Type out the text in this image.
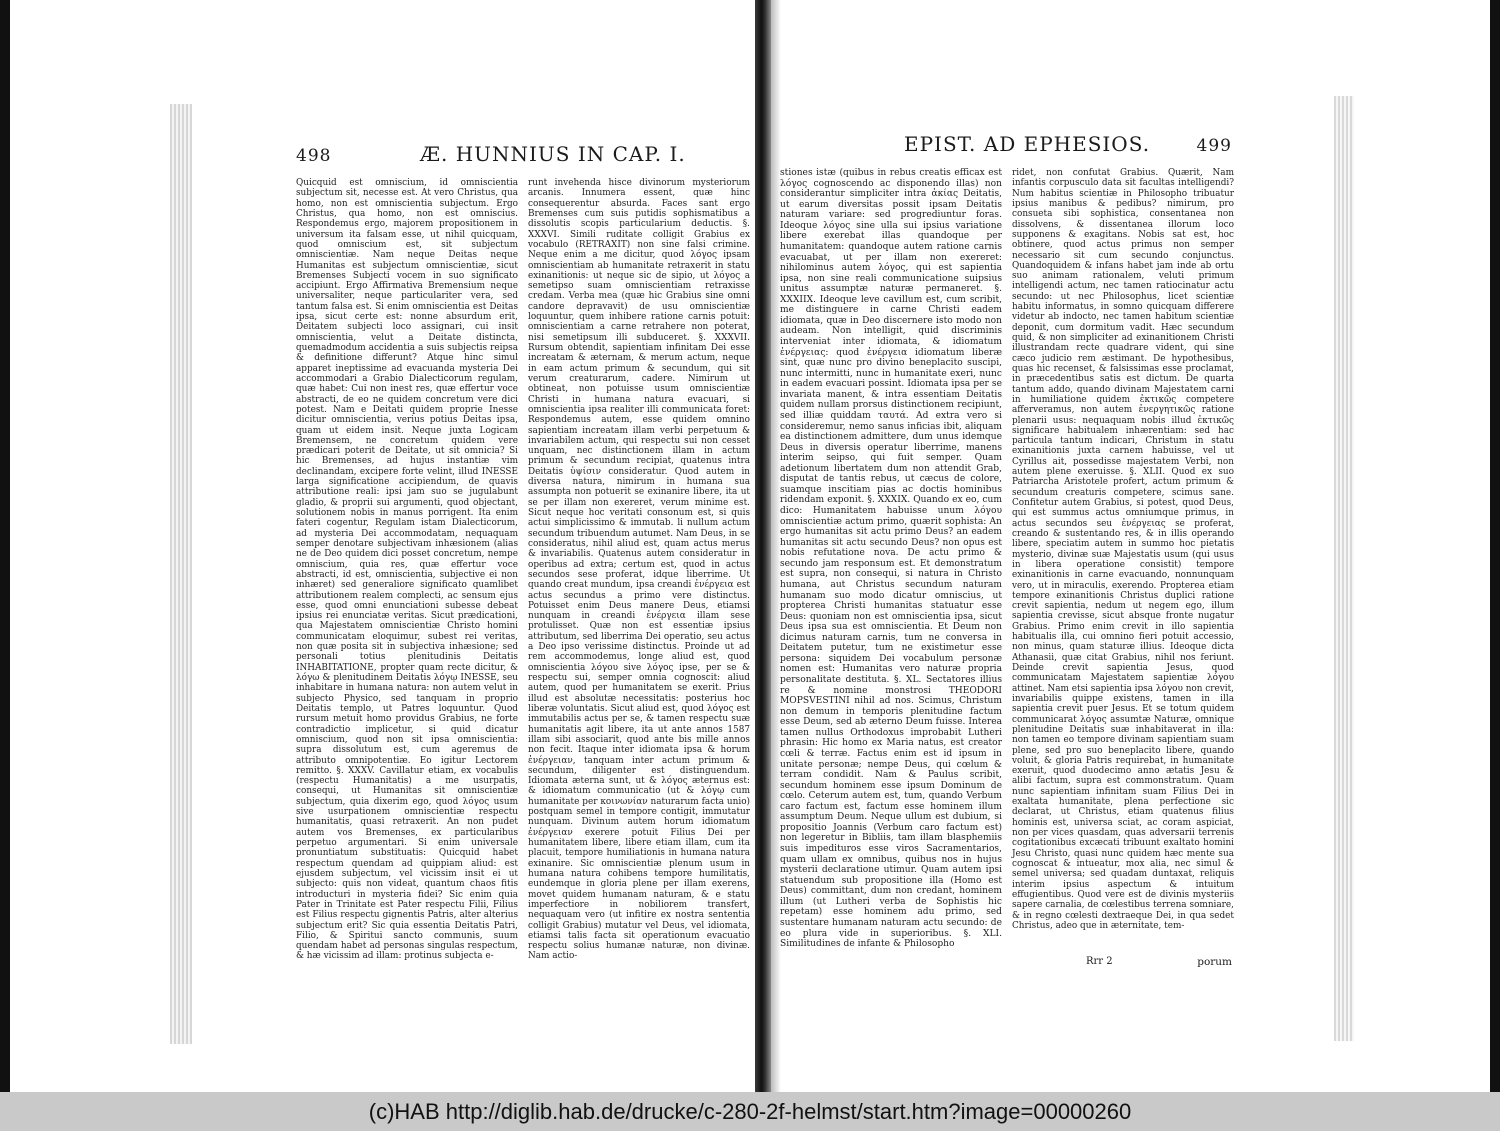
498	Æ. HUNNIUS IN CAP. I.

Quicquid est omniscium, id omniscientia subjectum sit, necesse est. At vero Christus, qua homo, non est omniscientia subjectum. Ergo Christus, qua homo, non est omniscius. Respondemus ergo, majorem propositionem in universum ita falsam esse, ut nihil quicquam, quod omniscium est, sit subjectum omniscientiæ. Nam neque Deitas neque Humanitas est subjectum omniscientiæ, sicut Bremenses Subjecti vocem in suo significato accipiunt. Ergo Affirmativa Bremensium neque universaliter, neque particulariter vera, sed tantum falsa est. Si enim omniscientia est Deitas ipsa, sicut certe est: nonne absurdum erit, Deitatem subjecti loco assignari, cui insit omniscientia, velut a Deitate distincta, quemadmodum accidentia a suis subjectis reipsa & definitione differunt? Atque hinc simul apparet ineptissime ad evacuanda mysteria Dei accommodari a Grabio Dialecticorum regulam, quæ habet: Cui non inest res, quæ effertur voce abstracti, de eo ne quidem concretum vere dici potest. Nam e Deitati quidem proprie Inesse dicitur omniscientia, verius potius Deitas ipsa, quam ut eidem insit. Neque juxta Logicam Bremensem, ne concretum quidem vere prædicari poterit de Deitate, ut sit omnicia? Si hic Bremenses, ad hujus instantiæ vim declinandam, excipere forte velint, illud INESSE larga significatione accipiendum, de quavis attributione reali: ipsi jam suo se jugulabunt gladio, & proprii sui argumenti, quod objectant, solutionem nobis in manus porrigent. Ita enim fateri cogentur, Regulam istam Dialecticorum, ad mysteria Dei accommodatam, nequaquam semper denotare subjectivam inhæsionem (alias ne de Deo quidem dici posset concretum, nempe omniscium, quia res, quæ effertur voce abstracti, id est, omniscientia, subjective ei non inhæret) sed generaliore significato quamlibet attributionem realem complecti, ac sensum ejus esse, quod omni enunciationi subesse debeat ipsius rei enunciatæ veritas. Sicut prædicationi, qua Majestatem omniscientiæ Christo homini communicatam eloquimur, subest rei veritas, non quæ posita sit in subjectiva inhæsione; sed personali totius plenitudinis Deitatis INHABITATIONE, propter quam recte dicitur, & λόγω & plenitudinem Deitatis λόγῳ INESSE, seu inhabitare in humana natura: non autem velut in subjecto Physico, sed tanquam in proprio Deitatis templo, ut Patres loquuntur. Quod rursum metuit homo providus Grabius, ne forte contradictio implicetur, si quid dicatur omniscium, quod non sit ipsa omniscientia: supra dissolutum est, cum ageremus de attributo omnipotentiæ. Eo igitur Lectorem remitto. §. XXXV. Cavillatur etiam, ex vocabulis (respectu Humanitatis) a me usurpatis, consequi, ut Humanitas sit omniscientiæ subjectum, quia dixerim ego, quod λόγος usum sive usurpationem omniscientiæ respectu humanitatis, quasi retraxerit. An non pudet autem vos Bremenses, ex particularibus perpetuo argumentari. Si enim universale pronuntiatum substituatis: Quicquid habet respectum quendam ad quippiam aliud: est ejusdem subjectum, vel vicissim insit ei ut subjecto: quis non videat, quantum chaos fitis introducturi in mysteria fidei? Sic enim quia Pater in Trinitate est Pater respectu Filii, Filius est Filius respectu gignentis Patris, alter alterius subjectum erit? Sic quia essentia Deitatis Patri, Filio, & Spiritui sancto communis, suum quendam habet ad personas singulas respectum, & hæ vicissim ad illam: protinus subjecta e-

runt invehenda hisce divinorum mysteriorum arcanis. Innumera essent, quæ hinc consequerentur absurda. Faces sant ergo Bremenses cum suis putidis sophismatibus a dissolutis scopis particularium deductis. §. XXXVI. Simili ruditate colligit Grabius ex vocabulo (RETRAXIT) non sine falsi crimine. Neque enim a me dicitur, quod λόγος ipsam omniscientiam ab humanitate retraxerit in statu exinanitionis: ut neque sic de sipio, ut λόγος a semetipso suam omniscientiam retraxisse credam. Verba mea (quæ hic Grabius sine omni candore depravavit) de usu omniscientiæ loquuntur, quem inhibere ratione carnis potuit: omniscientiam a carne retrahere non poterat, nisi semetipsum illi subduceret. §. XXXVII. Rursum obtendit, sapientiam infinitam Dei esse increatam & æternam, & merum actum, neque in eam actum primum & secundum, qui sit verum creaturarum, cadere. Nimirum ut obtineat, non potuisse usum omniscientiæ Christi in humana natura evacuari, si omniscientia ipsa realiter illi communicata foret: Respondemus autem, esse quidem omnino sapientiam increatam illam verbi perpetuum & invariabilem actum, qui respectu sui non cesset unquam, nec distinctionem illam in actum primum & secundum recipiat, quatenus intra Deitatis ὑψίσιν consideratur. Quod autem in diversa natura, nimirum in humana sua assumpta non potuerit se exinanire libere, ita ut se per illam non exereret, verum minime est. Sicut neque hoc veritati consonum est, si quis actui simplicissimo & immutab. li nullum actum secundum tribuendum autumet. Nam Deus, in se consideratus, nihil aliud est, quam actus merus & invariabilis. Quatenus autem consideratur in operibus ad extra; certum est, quod in actus secundos sese proferat, idque liberrime. Ut quando creat mundum, ipsa creandi ἐνέργεια est actus secundus a primo vere distinctus. Potuisset enim Deus manere Deus, etiamsi nunquam in creandi ἐνέργεια illam sese protulisset. Quæ non est essentiæ ipsius attributum, sed liberrima Dei operatio, seu actus a Deo ipso verissime distinctus. Proinde ut ad rem accommodemus, longe aliud est, quod omniscientia λόγου sive λόγος ipse, per se & respectu sui, semper omnia cognoscit: aliud autem, quod per humanitatem se exerit. Prius illud est absolutæ necessitatis: posterius hoc liberæ voluntatis. Sicut aliud est, quod λόγος est immutabilis actus per se, & tamen respectu suæ humanitatis agit libere, ita ut ante annos 1587 illam sibi associarit, quod ante bis mille annos non fecit. Itaque inter idiomata ipsa & horum ἐνέργειαν, tanquam inter actum primum & secundum, diligenter est distinguendum. Idiomata æterna sunt, ut & λόγος æternus est: & idiomatum communicatio (ut & λόγῳ cum humanitate per κοινωνίαν naturarum facta unio) postquam semel in tempore contigit, immutatur nunquam. Divinum autem horum idiomatum ἐνέργειαν exerere potuit Filius Dei per humanitatem libere, libere etiam illam, cum ita placuit, tempore humiliationis in humana natura exinanire. Sic omniscientiæ plenum usum in humana natura cohibens tempore humilitatis, eundemque in gloria plene per illam exerens, movet quidem humanam naturam, & e statu imperfectiore in nobiliorem transfert, nequaquam vero (ut infitire ex nostra sententia colligit Grabius) mutatur vel Deus, vel idiomata, etiamsi talis facta sit operationum evacuatio respectu solius humanæ naturæ, non divinæ. Nam actio-

EPIST. AD EPHESIOS.	499

stiones istæ (quibus in rebus creatis efficax est λόγος cognoscendo ac disponendo illas) non considerantur simpliciter intra ἀκίας Deitatis, ut earum diversitas possit ipsam Deitatis naturam variare: sed progrediuntur foras. Ideoque λόγος sine ulla sui ipsius variatione libere exerebat illas quandoque per humanitatem: quandoque autem ratione carnis evacuabat, ut per illam non exereret: nihilominus autem λόγος, qui est sapientia ipsa, non sine reali communicatione suipsius unitus assumptæ naturæ permaneret. §. XXXIIX. Ideoque leve cavillum est, cum scribit, me distinguere in carne Christi eadem idiomata, quæ in Deo discernere isto modo non audeam. Non intelligit, quid discriminis interveniat inter idiomata, & idiomatum ἐνέργειας: quod ἐνέργεια idiomatum liberæ sint, quæ nunc pro divino beneplacito suscipi, nunc intermitti, nunc in humanitate exeri, nunc in eadem evacuari possint. Idiomata ipsa per se invariata manent, & intra essentiam Deitatis quidem nullam prorsus distinctionem recipiunt, sed illiæ quiddam ταυτά. Ad extra vero si consideremur, nemo sanus inficias ibit, aliquam ea distinctionem admittere, dum unus idemque Deus in diversis operatur liberrime, manens interim seipso, qui fuit semper. Quam adetionum libertatem dum non attendit Grab, disputat de tantis rebus, ut cæcus de colore, suamque inscitiam pias ac doctis hominibus ridendam exponit. §. XXXIX. Quando ex eo, cum dico: Humanitatem habuisse unum λόγου omniscientiæ actum primo, quærit sophista: An ergo humanitas sit actu primo Deus? an eadem humanitas sit actu secundo Deus? non opus est nobis refutatione nova. De actu primo & secundo jam responsum est. Et demonstratum est supra, non consequi, si natura in Christo humana, aut Christus secundum naturam humanam suo modo dicatur omniscius, ut propterea Christi humanitas statuatur esse Deus: quoniam non est omniscientia ipsa, sicut Deus ipsa sua est omniscientia. Et Deum non dicimus naturam carnis, tum ne conversa in Deitatem putetur, tum ne existimetur esse persona: siquidem Dei vocabulum personæ nomen est: Humanitas vero naturæ propria personalitate destituta. §. XL. Sectatores illius re & nomine monstrosi THEODORI MOPSVESTINI nihil ad nos. Scimus, Christum non demum in temporis plenitudine factum esse Deum, sed ab æterno Deum fuisse. Interea tamen nullus Orthodoxus improbabit Lutheri phrasin: Hic homo ex Maria natus, est creator cœli & terræ. Factus enim est id ipsum in unitate personæ; nempe Deus, qui cœlum & terram condidit. Nam & Paulus scribit, secundum hominem esse ipsum Dominum de cœlo. Ceterum autem est, tum, quando Verbum caro factum est, factum esse hominem illum assumptum Deum. Neque ullum est dubium, si propositio Joannis (Verbum caro factum est) non legeretur in Bibliis, tam illam blasphemiis suis impedituros esse viros Sacramentarios, quam ullam ex omnibus, quibus nos in hujus mysterii declaratione utimur. Quam autem ipsi statuendum sub propositione illa (Homo est Deus) committant, dum non credant, hominem illum (ut Lutheri verba de Sophistis hic repetam) esse hominem adu primo, sed sustentare humanam naturam actu secundo: de eo plura vide in superioribus. §. XLI. Similitudines de infante & Philosopho

ridet, non confutat Grabius. Quærit, Nam infantis corpusculo data sit facultas intelligendi? Num habitus scientiæ in Philosopho tribuatur ipsius manibus & pedibus? nimirum, pro consueta sibi sophistica, consentanea non dissolvens, & dissentanea illorum loco supponens & exagitans. Nobis sat est, hoc obtinere, quod actus primus non semper necessario sit cum secundo conjunctus. Quandoquidem & infans habet jam inde ab ortu suo animam rationalem, veluti primum intelligendi actum, nec tamen ratiocinatur actu secundo: ut nec Philosophus, licet scientiæ habitu informatus, in somno quicquam differere videtur ab indocto, nec tamen habitum scientiæ deponit, cum dormitum vadit. Hæc secundum quid, & non simpliciter ad exinanitionem Christi illustrandam recte quadrare vident, qui sine cæco judicio rem æstimant. De hypothesibus, quas hic recenset, & falsissimas esse proclamat, in præcedentibus satis est dictum. De quarta tantum addo, quando divinam Majestatem carni in humiliatione quidem ἐκτικῶς competere afferveramus, non autem ἐνεργητικῶς ratione plenarii usus: nequaquam nobis illud ἐκτικῶς significare habitualem inhærentiam: sed hac particula tantum indicari, Christum in statu exinanitionis juxta carnem habuisse, vel ut Cyrillus ait, possedisse majestatem Verbi, non autem plene exeruisse. §. XLII. Quod ex suo Patriarcha Aristotele profert, actum primum & secundum creaturis competere, scimus sane. Confitetur autem Grabius, si potest, quod Deus, qui est summus actus omniumque primus, in actus secundos seu ἐνέργειας se proferat, creando & sustentando res, & in illis operando libere, speciatim autem in summo hoc pietatis mysterio, divinæ suæ Majestatis usum (qui usus in libera operatione consistit) tempore exinanitionis in carne evacuando, nonnunquam vero, ut in miraculis, exerendo. Propterea etiam tempore exinanitionis Christus duplici ratione crevit sapientia, nedum ut negem ego, illum sapientia crevisse, sicut absque fronte nugatur Grabius. Primo enim crevit in illo sapientia habitualis illa, cui omnino fieri potuit accessio, non minus, quam staturæ illius. Ideoque dicta Athanasii, quæ citat Grabius, nihil nos feriunt. Deinde crevit sapientia Jesus, quod communicatam Majestatem sapientiæ λόγου attinet. Nam etsi sapientia ipsa λόγου non crevit, invariabilis quippe existens, tamen in illa sapientia crevit puer Jesus. Et se totum quidem communicarat λόγος assumtæ Naturæ, omnique plenitudine Deitatis suæ inhabitaverat in illa: non tamen eo tempore divinam sapientiam suam plene, sed pro suo beneplacito libere, quando voluit, & gloria Patris requirebat, in humanitate exeruit, quod duodecimo anno ætatis Jesu & alibi factum, supra est commonstratum. Quam nunc sapientiam infinitam suam Filius Dei in exaltata humanitate, plena perfectione sic declarat, ut Christus, etiam quatenus filius hominis est, universa sciat, ac coram aspiciat, non per vices quasdam, quas adversarii terrenis cogitationibus excæcati tribuunt exaltato homini Jesu Christo, quasi nunc quidem hæc mente sua cognoscat & intueatur, mox alia, nec simul & semel universa; sed quadam duntaxat, reliquis interim ipsius aspectum & intuitum effugientibus. Quod vere est de divinis mysteriis sapere carnalia, de cœlestibus terrena somniare, & in regno cœlesti dextraeque Dei, in qua sedet Christus, adeo que in æternitate, tem-

Rrr 2	porum
(c)HAB http://diglib.hab.de/drucke/c-280-2f-helmst/start.htm?image=00000260
